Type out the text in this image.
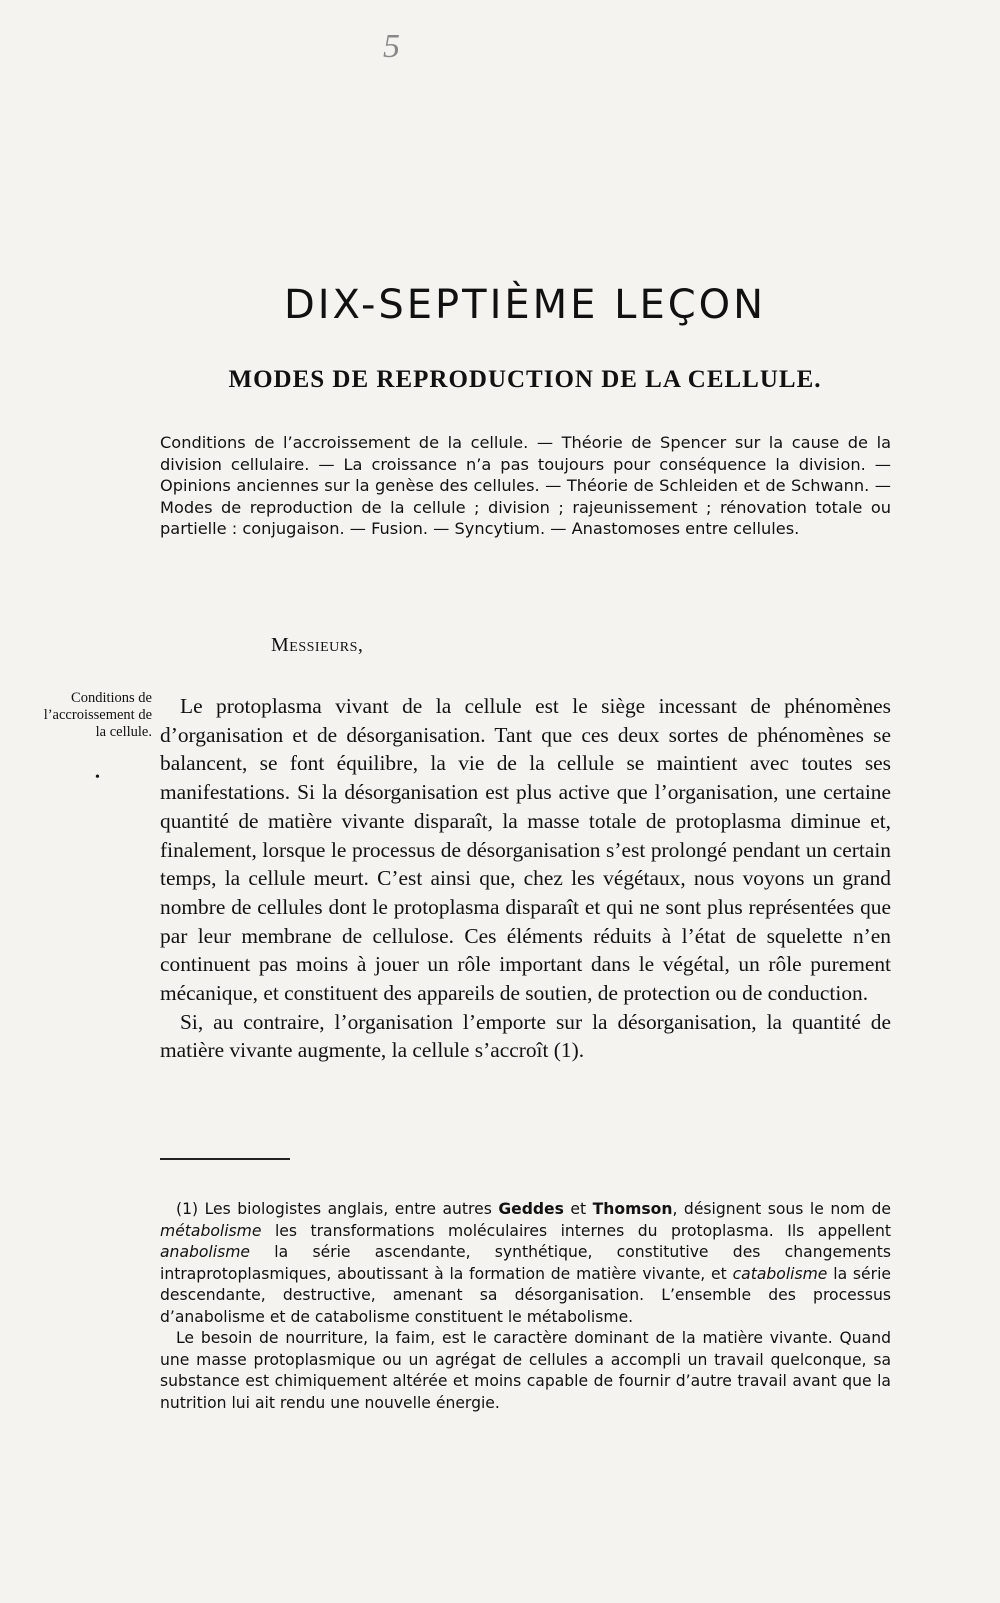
5
DIX-SEPTIÈME LEÇON
MODES DE REPRODUCTION DE LA CELLULE.

Conditions de l’accroissement de la cellule. — Théorie de Spencer sur la cause de la division cellulaire. — La croissance n’a pas toujours pour conséquence la division. — Opinions anciennes sur la genèse des cellules. — Théorie de Schleiden et de Schwann. — Modes de reproduction de la cellule ; division ; rajeunissement ; rénovation totale ou partielle : conjugaison. — Fusion. — Syncytium. — Anastomoses entre cellules.

Messieurs,

Conditions de l’accroissement de la cellule.

•

Le protoplasma vivant de la cellule est le siège incessant de phénomènes d’organisation et de désorganisation. Tant que ces deux sortes de phénomènes se balancent, se font équilibre, la vie de la cellule se maintient avec toutes ses manifestations. Si la désorganisation est plus active que l’organisation, une certaine quantité de matière vivante disparaît, la masse totale de protoplasma diminue et, finalement, lorsque le processus de désorganisation s’est prolongé pendant un certain temps, la cellule meurt. C’est ainsi que, chez les végétaux, nous voyons un grand nombre de cellules dont le protoplasma disparaît et qui ne sont plus représentées que par leur membrane de cellulose. Ces éléments réduits à l’état de squelette n’en continuent pas moins à jouer un rôle important dans le végétal, un rôle purement mécanique, et constituent des appareils de soutien, de protection ou de conduction.

Si, au contraire, l’organisation l’emporte sur la désorganisation, la quantité de matière vivante augmente, la cellule s’accroît (1).

(1) Les biologistes anglais, entre autres Geddes et Thomson, désignent sous le nom de métabolisme les transformations moléculaires internes du protoplasma. Ils appellent anabolisme la série ascendante, synthétique, constitutive des changements intraprotoplasmiques, aboutissant à la formation de matière vivante, et catabolisme la série descendante, destructive, amenant sa désorganisation. L’ensemble des processus d’anabolisme et de catabolisme constituent le métabolisme.

Le besoin de nourriture, la faim, est le caractère dominant de la matière vivante. Quand une masse protoplasmique ou un agrégat de cellules a accompli un travail quelconque, sa substance est chimiquement altérée et moins capable de fournir d’autre travail avant que la nutrition lui ait rendu une nouvelle énergie.
